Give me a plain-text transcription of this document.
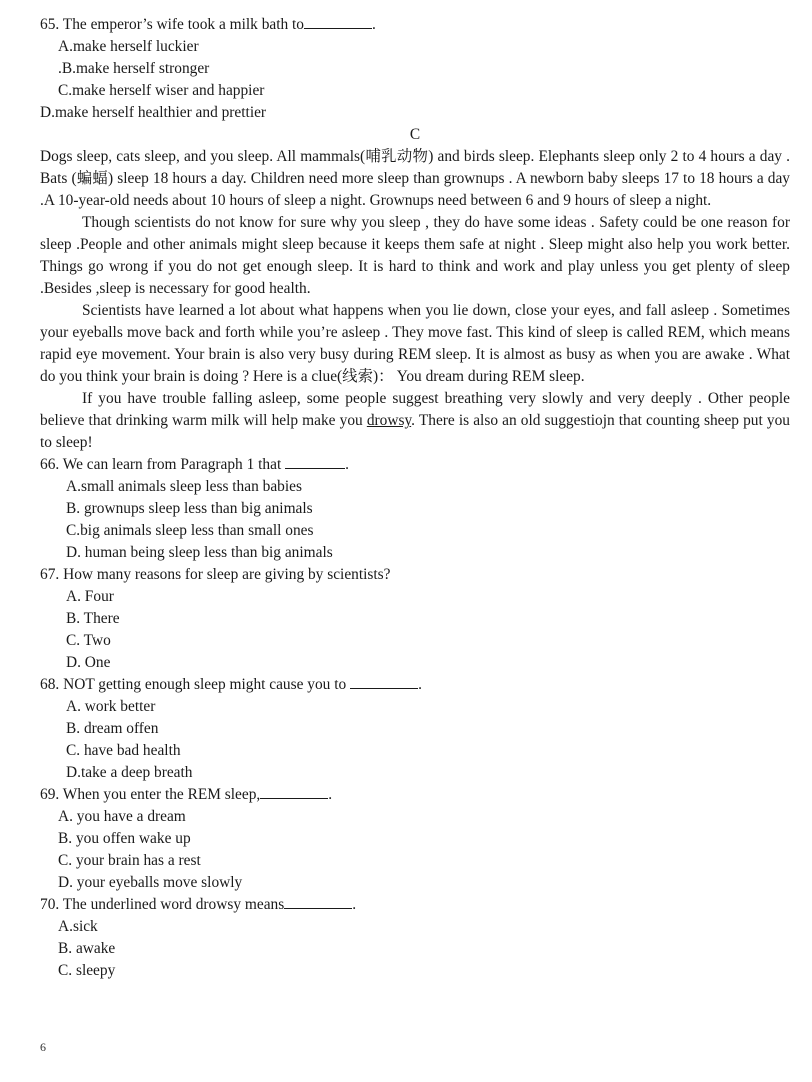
65. The emperor’s wife took a milk bath to	.
A.make herself luckier
.B.make herself stronger
C.make herself wiser and happier
D.make herself healthier and prettier
C
Dogs sleep, cats sleep, and you sleep. All mammals(哺乳动物) and birds sleep. Elephants sleep only 2 to 4 hours a day . Bats (蝙蝠) sleep 18 hours a day. Children need more sleep than grownups . A newborn baby sleeps 17 to 18 hours a day .A 10-year-old needs about 10 hours of sleep a night. Grownups need between 6 and 9 hours of sleep a night.
Though scientists do not know for sure why you sleep , they do have some ideas . Safety could be one reason for sleep .People and other animals might sleep because it keeps them safe at night . Sleep might also help you work better. Things go wrong if you do not get enough sleep. It is hard to think and work and play unless you get plenty of sleep .Besides ,sleep is necessary for good health.
Scientists have learned a lot about what happens when you lie down, close your eyes, and fall asleep . Sometimes your eyeballs move back and forth while you’re asleep . They move fast. This kind of sleep is called REM, which means rapid eye movement. Your brain is also very busy during REM sleep. It is almost as busy as when you are awake . What do you think your brain is doing ? Here is a clue(线索)： You dream during REM sleep.
If you have trouble falling asleep, some people suggest breathing very slowly and very deeply . Other people believe that drinking warm milk will help make you drowsy. There is also an old suggestiojn that counting sheep put you to sleep!
66. We can learn from Paragraph 1 that	.
A.small animals sleep less than babies
B. grownups sleep less than big animals
C.big animals sleep less than small ones
D. human being sleep less than big animals
67. How many reasons for sleep are giving by scientists?
A. Four
B. There
C. Two
D. One
68. NOT getting enough sleep might cause you to	.
A. work better
B. dream offen
C. have bad health
D.take a deep breath
69. When you enter the REM sleep,	.
A. you have a dream
B. you offen wake up
C. your brain has a rest
D. your eyeballs move slowly
70. The underlined word drowsy means	.
A.sick
B. awake
C. sleepy
6
